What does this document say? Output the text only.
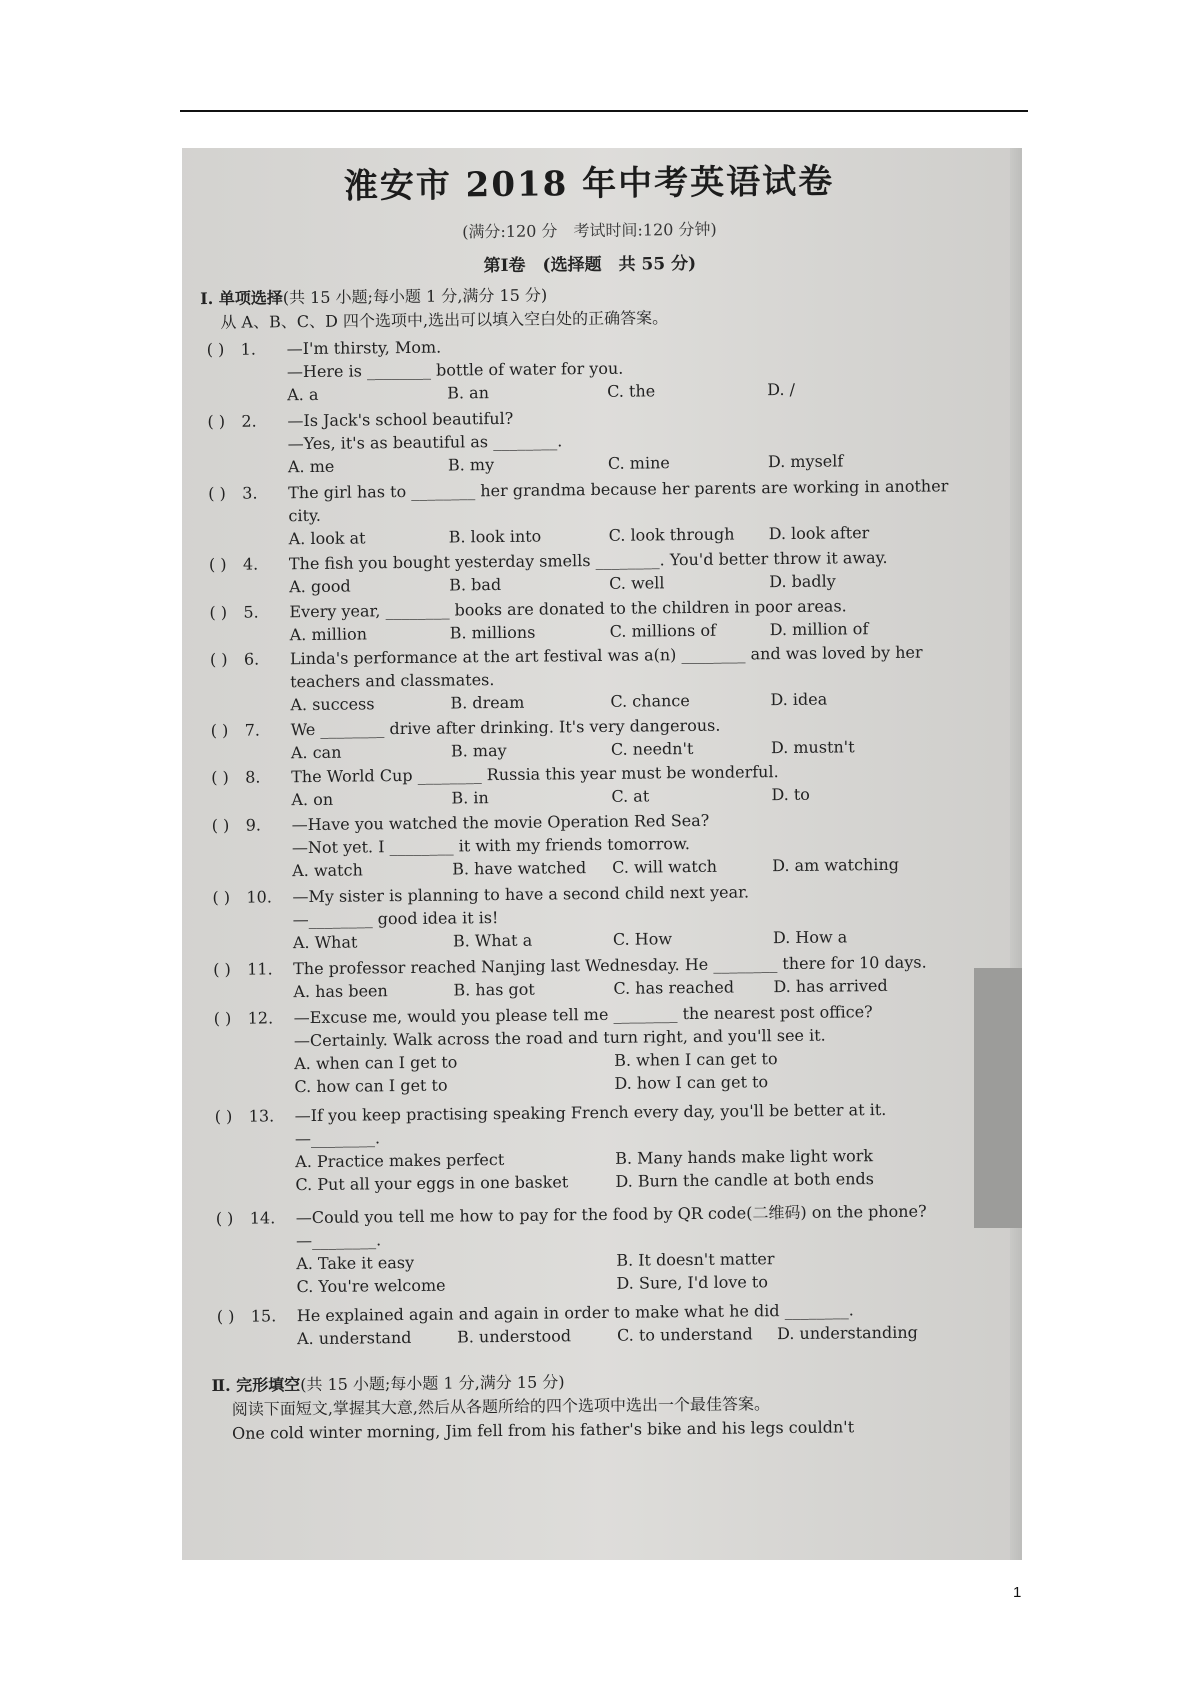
淮安市 2018 年中考英语试卷
(满分:120 分　考试时间:120 分钟)
第Ⅰ卷　(选择题　共 55 分)
Ⅰ. 单项选择(共 15 小题;每小题 1 分,满分 15 分)
从 A、B、C、D 四个选项中,选出可以填入空白处的正确答案。
( ) 1. —I'm thirsty, Mom.
—Here is ________ bottle of water for you.
A. a	B. an	C. the	D. /
( ) 2. —Is Jack's school beautiful?
—Yes, it's as beautiful as ________.
A. me	B. my	C. mine	D. myself
( ) 3. The girl has to ________ her grandma because her parents are working in another city.
A. look at	B. look into	C. look through	D. look after
( ) 4. The fish you bought yesterday smells ________. You'd better throw it away.
A. good	B. bad	C. well	D. badly
( ) 5. Every year, ________ books are donated to the children in poor areas.
A. million	B. millions	C. millions of	D. million of
( ) 6. Linda's performance at the art festival was a(n) ________ and was loved by her teachers and classmates.
A. success	B. dream	C. chance	D. idea
( ) 7. We ________ drive after drinking. It's very dangerous.
A. can	B. may	C. needn't	D. mustn't
( ) 8. The World Cup ________ Russia this year must be wonderful.
A. on	B. in	C. at	D. to
( ) 9. —Have you watched the movie Operation Red Sea?
—Not yet. I ________ it with my friends tomorrow.
A. watch	B. have watched	C. will watch	D. am watching
( ) 10. —My sister is planning to have a second child next year.
—________ good idea it is!
A. What	B. What a	C. How	D. How a
( ) 11. The professor reached Nanjing last Wednesday. He ________ there for 10 days.
A. has been	B. has got	C. has reached	D. has arrived
( ) 12. —Excuse me, would you please tell me ________ the nearest post office?
—Certainly. Walk across the road and turn right, and you'll see it.
A. when can I get to	B. when I can get to
C. how can I get to	D. how I can get to
( ) 13. —If you keep practising speaking French every day, you'll be better at it.
—________.
A. Practice makes perfect	B. Many hands make light work
C. Put all your eggs in one basket	D. Burn the candle at both ends
( ) 14. —Could you tell me how to pay for the food by QR code(二维码) on the phone?
—________.
A. Take it easy	B. It doesn't matter
C. You're welcome	D. Sure, I'd love to
( ) 15. He explained again and again in order to make what he did ________.
A. understand	B. understood	C. to understand	D. understanding
Ⅱ. 完形填空(共 15 小题;每小题 1 分,满分 15 分)
阅读下面短文,掌握其大意,然后从各题所给的四个选项中选出一个最佳答案。
One cold winter morning, Jim fell from his father's bike and his legs couldn't
1
